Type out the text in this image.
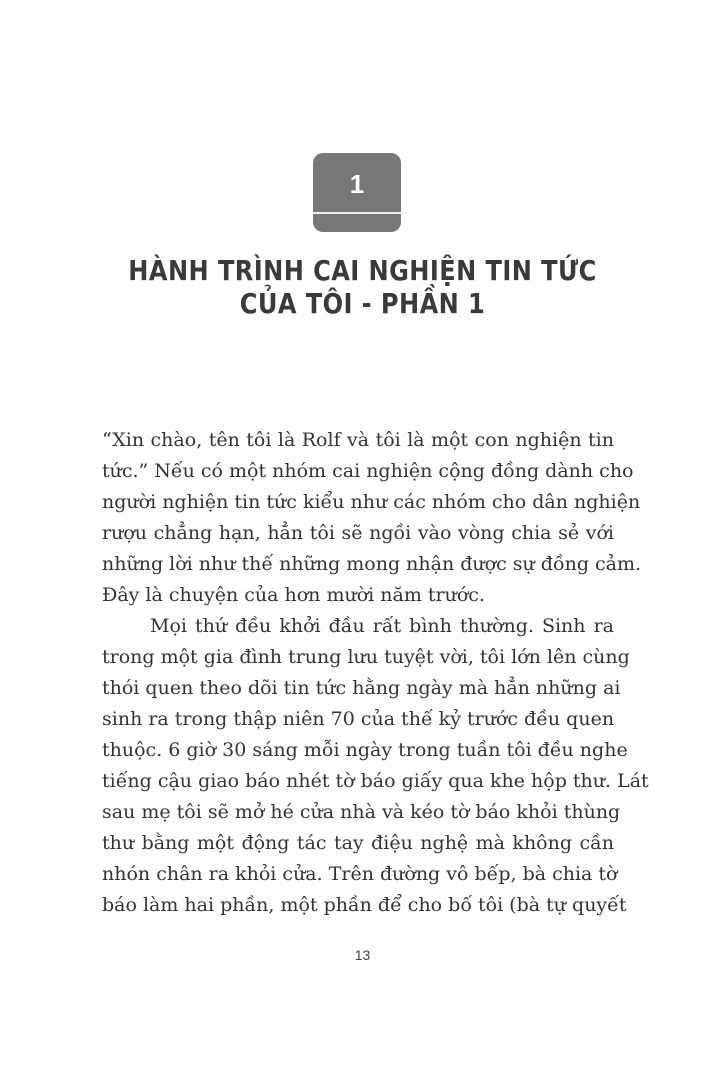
1
HÀNH TRÌNH CAI NGHIỆN TIN TỨC
CỦA TÔI - PHẦN 1
“Xin chào, tên tôi là Rolf và tôi là một con nghiện tin
tức.” Nếu có một nhóm cai nghiện cộng đồng dành cho
người nghiện tin tức kiểu như các nhóm cho dân nghiện
rượu chẳng hạn, hẳn tôi sẽ ngồi vào vòng chia sẻ với
những lời như thế những mong nhận được sự đồng cảm.
Đây là chuyện của hơn mười năm trước.
Mọi thứ đều khởi đầu rất bình thường. Sinh ra
trong một gia đình trung lưu tuyệt vời, tôi lớn lên cùng
thói quen theo dõi tin tức hằng ngày mà hẳn những ai
sinh ra trong thập niên 70 của thế kỷ trước đều quen
thuộc. 6 giờ 30 sáng mỗi ngày trong tuần tôi đều nghe
tiếng cậu giao báo nhét tờ báo giấy qua khe hộp thư. Lát
sau mẹ tôi sẽ mở hé cửa nhà và kéo tờ báo khỏi thùng
thư bằng một động tác tay điệu nghệ mà không cần
nhón chân ra khỏi cửa. Trên đường vô bếp, bà chia tờ
báo làm hai phần, một phần để cho bố tôi (bà tự quyết
13
